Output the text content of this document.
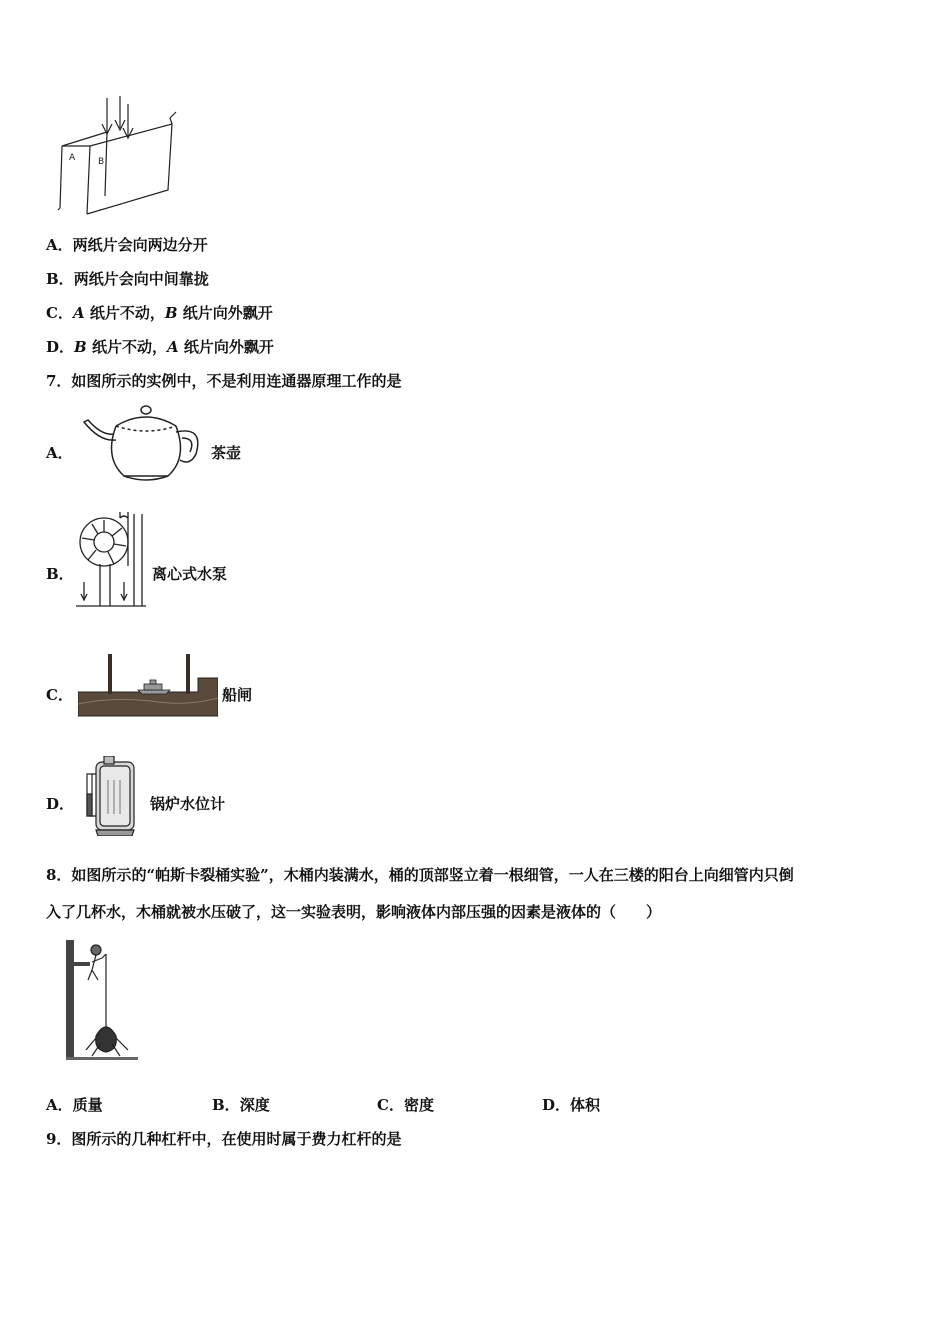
A	B
A．两纸片会向两边分开
B．两纸片会向中间靠拢
C．A 纸片不动，B 纸片向外飘开
D．B 纸片不动，A 纸片向外飘开
7．如图所示的实例中，不是利用连通器原理工作的是
A．	茶壶
B．	离心式水泵
C．	船闸
D．	锅炉水位计
8．如图所示的“帕斯卡裂桶实验”，木桶内装满水，桶的顶部竖立着一根细管，一人在三楼的阳台上向细管内只倒
入了几杯水，木桶就被水压破了，这一实验表明，影响液体内部压强的因素是液体的（　　）
A．质量	B．深度	C．密度	D．体积
9．图所示的几种杠杆中，在使用时属于费力杠杆的是
